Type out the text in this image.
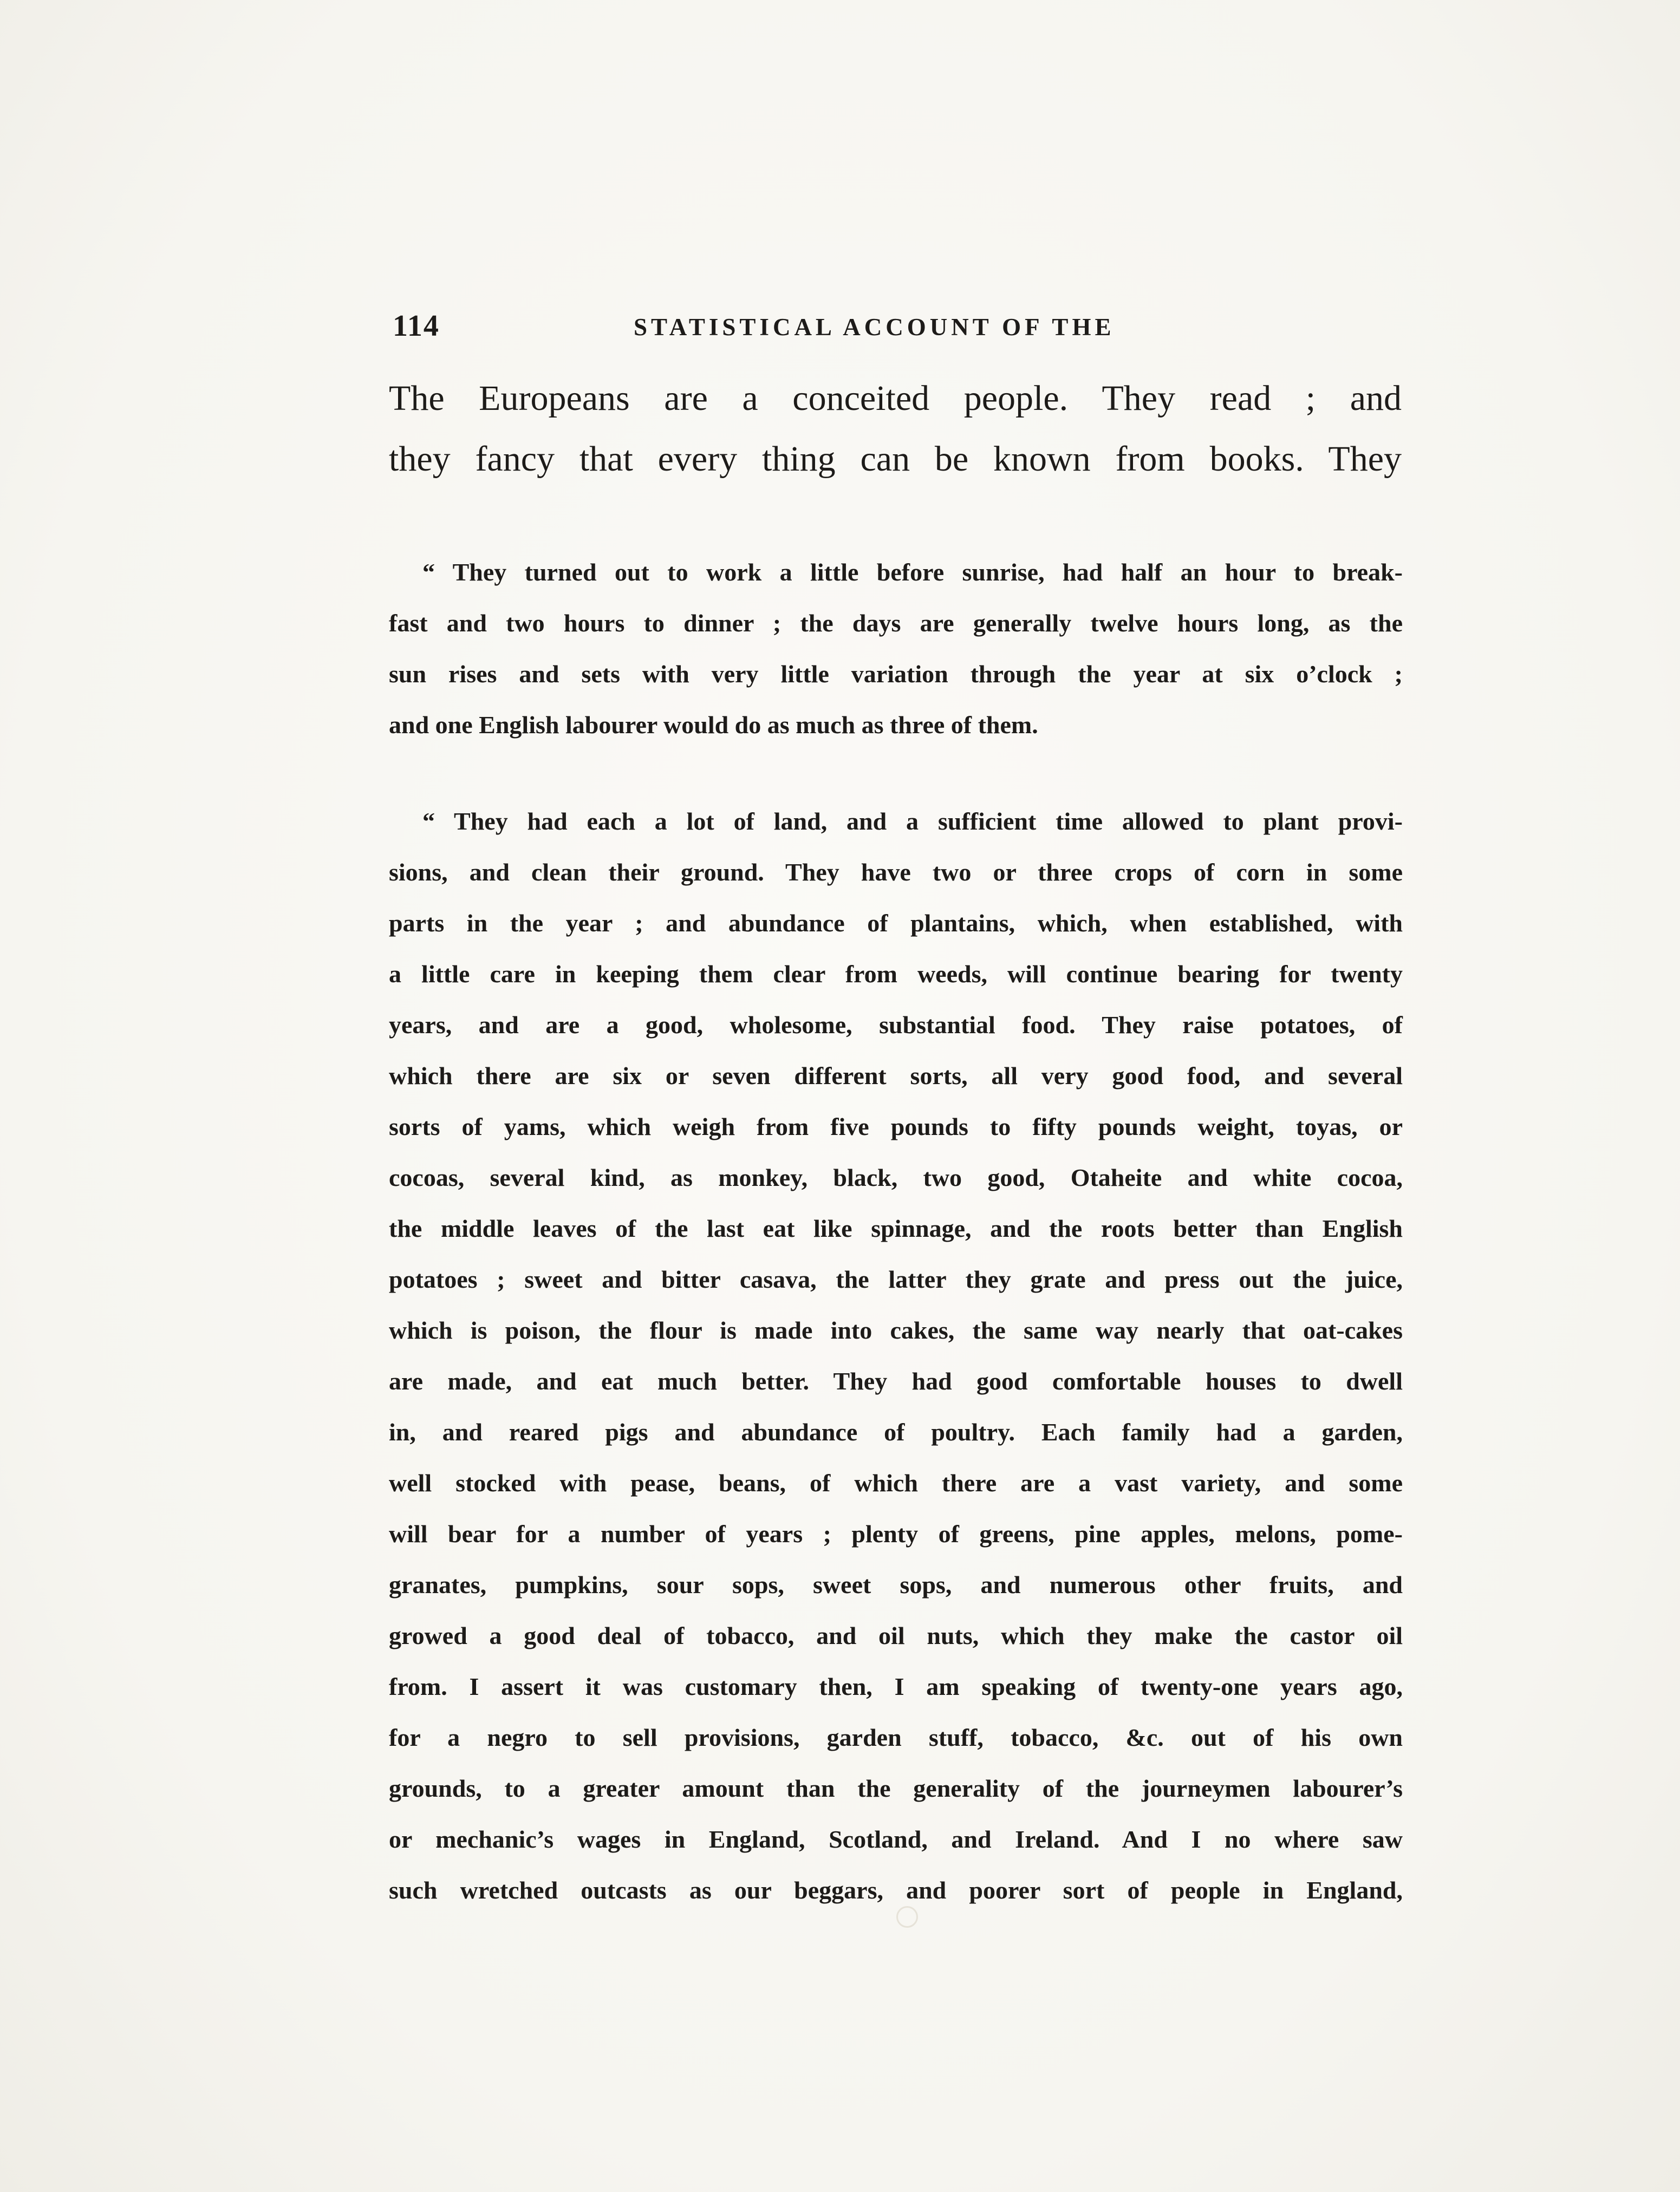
114	STATISTICAL ACCOUNT OF THE
The Europeans are a conceited people. They read ; and
they fancy that every thing can be known from books. They
“ They turned out to work a little before sunrise, had half an hour to break-
fast and two hours to dinner ; the days are generally twelve hours long, as the
sun rises and sets with very little variation through the year at six o’clock ;
and one English labourer would do as much as three of them.
“ They had each a lot of land, and a sufficient time allowed to plant provi-
sions, and clean their ground. They have two or three crops of corn in some
parts in the year ; and abundance of plantains, which, when established, with
a little care in keeping them clear from weeds, will continue bearing for twenty
years, and are a good, wholesome, substantial food. They raise potatoes, of
which there are six or seven different sorts, all very good food, and several
sorts of yams, which weigh from five pounds to fifty pounds weight, toyas, or
cocoas, several kind, as monkey, black, two good, Otaheite and white cocoa,
the middle leaves of the last eat like spinnage, and the roots better than English
potatoes ; sweet and bitter casava, the latter they grate and press out the juice,
which is poison, the flour is made into cakes, the same way nearly that oat-cakes
are made, and eat much better. They had good comfortable houses to dwell
in, and reared pigs and abundance of poultry. Each family had a garden,
well stocked with pease, beans, of which there are a vast variety, and some
will bear for a number of years ; plenty of greens, pine apples, melons, pome-
granates, pumpkins, sour sops, sweet sops, and numerous other fruits, and
growed a good deal of tobacco, and oil nuts, which they make the castor oil
from. I assert it was customary then, I am speaking of twenty-one years ago,
for a negro to sell provisions, garden stuff, tobacco, &c. out of his own
grounds, to a greater amount than the generality of the journeymen labourer’s
or mechanic’s wages in England, Scotland, and Ireland. And I no where saw
such wretched outcasts as our beggars, and poorer sort of people in England,
